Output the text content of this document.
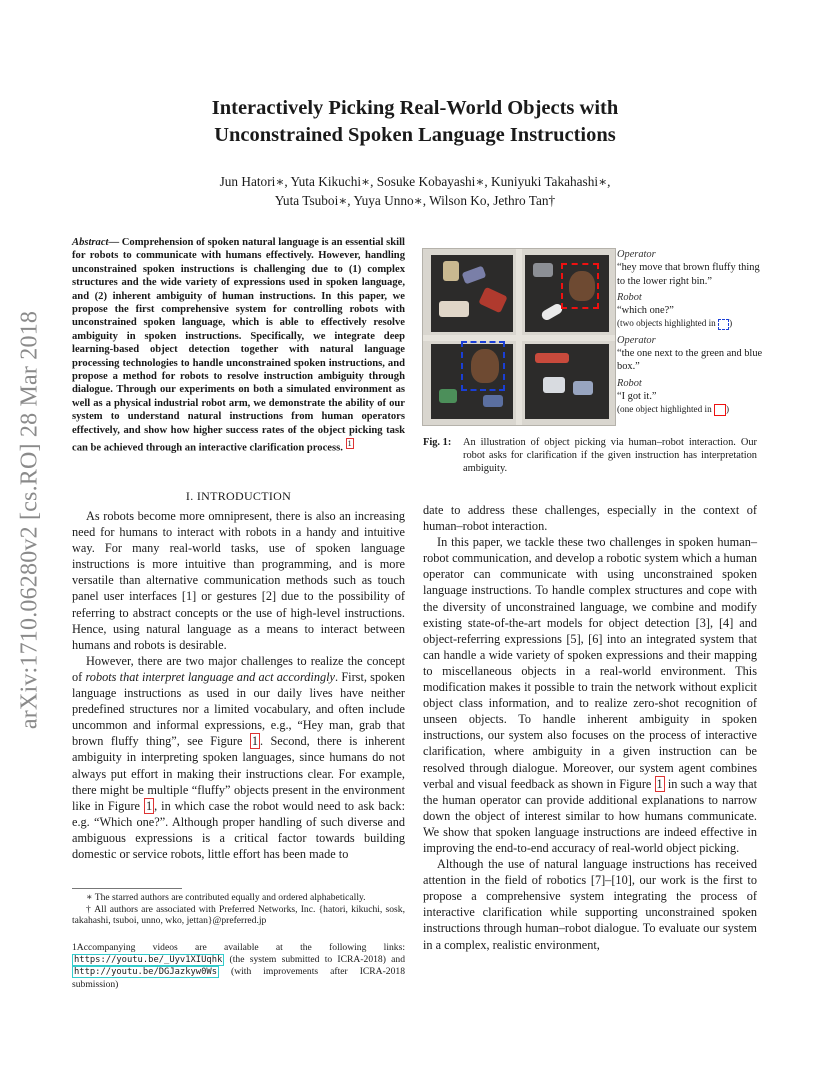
arXiv:1710.06280v2 [cs.RO] 28 Mar 2018
Interactively Picking Real-World Objects with
Unconstrained Spoken Language Instructions
Jun Hatori∗, Yuta Kikuchi∗, Sosuke Kobayashi∗, Kuniyuki Takahashi∗,
Yuta Tsuboi∗, Yuya Unno∗, Wilson Ko, Jethro Tan†
Abstract— Comprehension of spoken natural language is an essential skill for robots to communicate with humans effectively. However, handling unconstrained spoken instructions is challenging due to (1) complex structures and the wide variety of expressions used in spoken language, and (2) inherent ambiguity of human instructions. In this paper, we propose the first comprehensive system for controlling robots with unconstrained spoken language, which is able to effectively resolve ambiguity in spoken instructions. Specifically, we integrate deep learning-based object detection together with natural language processing technologies to handle unconstrained spoken instructions, and propose a method for robots to resolve instruction ambiguity through dialogue. Through our experiments on both a simulated environment as well as a physical industrial robot arm, we demonstrate the ability of our system to understand natural instructions from human operators effectively, and show how higher success rates of the object picking task can be achieved through an interactive clarification process. $^1$
Operator
“hey move that brown fluffy thing to the lower right bin.”
Robot
“which one?”
(two objects highlighted in )
Operator
“the one next to the green and blue box.”
Robot
“I got it.”
(one object highlighted in )
Fig. 1: An illustration of object picking via human–robot interaction. Our robot asks for clarification if the given instruction has interpretation ambiguity.
I. INTRODUCTION

As robots become more omnipresent, there is also an increasing need for humans to interact with robots in a handy and intuitive way. For many real-world tasks, use of spoken language instructions is more intuitive than programming, and is more versatile than alternative communication methods such as touch panel user interfaces [1] or gestures [2] due to the possibility of referring to abstract concepts or the use of high-level instructions. Hence, using natural language as a means to interact between humans and robots is desirable.

However, there are two major challenges to realize the concept of robots that interpret language and act accordingly. First, spoken language instructions as used in our daily lives have neither predefined structures nor a limited vocabulary, and often include uncommon and informal expressions, e.g., “Hey man, grab that brown fluffy thing”, see Figure 1 . Second, there is inherent ambiguity in interpreting spoken languages, since humans do not always put effort in making their instructions clear. For example, there might be multiple “fluffy” objects present in the environment like in Figure 1 , in which case the robot would need to ask back: e.g. “Which one?”. Although proper handling of such diverse and ambiguous expressions is a critical factor towards building domestic or service robots, little effort has been made to

∗ The starred authors are contributed equally and ordered alphabetically.
† All authors are associated with Preferred Networks, Inc. {hatori, kikuchi, sosk, takahashi, tsuboi, unno, wko, jettan}@preferred.jp
1Accompanying videos are available at the following links: https://youtu.be/_Uyv1XIUqhk (the system submitted to ICRA-2018) and http://youtu.be/DGJazkyw0Ws (with improvements after ICRA-2018 submission)

date to address these challenges, especially in the context of human–robot interaction.

In this paper, we tackle these two challenges in spoken human–robot communication, and develop a robotic system which a human operator can communicate with using unconstrained spoken language instructions. To handle complex structures and cope with the diversity of unconstrained language, we combine and modify existing state-of-the-art models for object detection [3], [4] and object-referring expressions [5], [6] into an integrated system that can handle a wide variety of spoken expressions and their mapping to miscellaneous objects in a real-world environment. This modification makes it possible to train the network without explicit object class information, and to realize zero-shot recognition of unseen objects. To handle inherent ambiguity in spoken instructions, our system also focuses on the process of interactive clarification, where ambiguity in a given instruction can be resolved through dialogue. Moreover, our system agent combines verbal and visual feedback as shown in Figure 1 in such a way that the human operator can provide additional explanations to narrow down the object of interest similar to how humans communicate. We show that spoken language instructions are indeed effective in improving the end-to-end accuracy of real-world object picking.

Although the use of natural language instructions has received attention in the field of robotics [7]–[10], our work is the first to propose a comprehensive system integrating the process of interactive clarification while supporting unconstrained spoken instructions through human–robot dialogue. To evaluate our system in a complex, realistic environment,
